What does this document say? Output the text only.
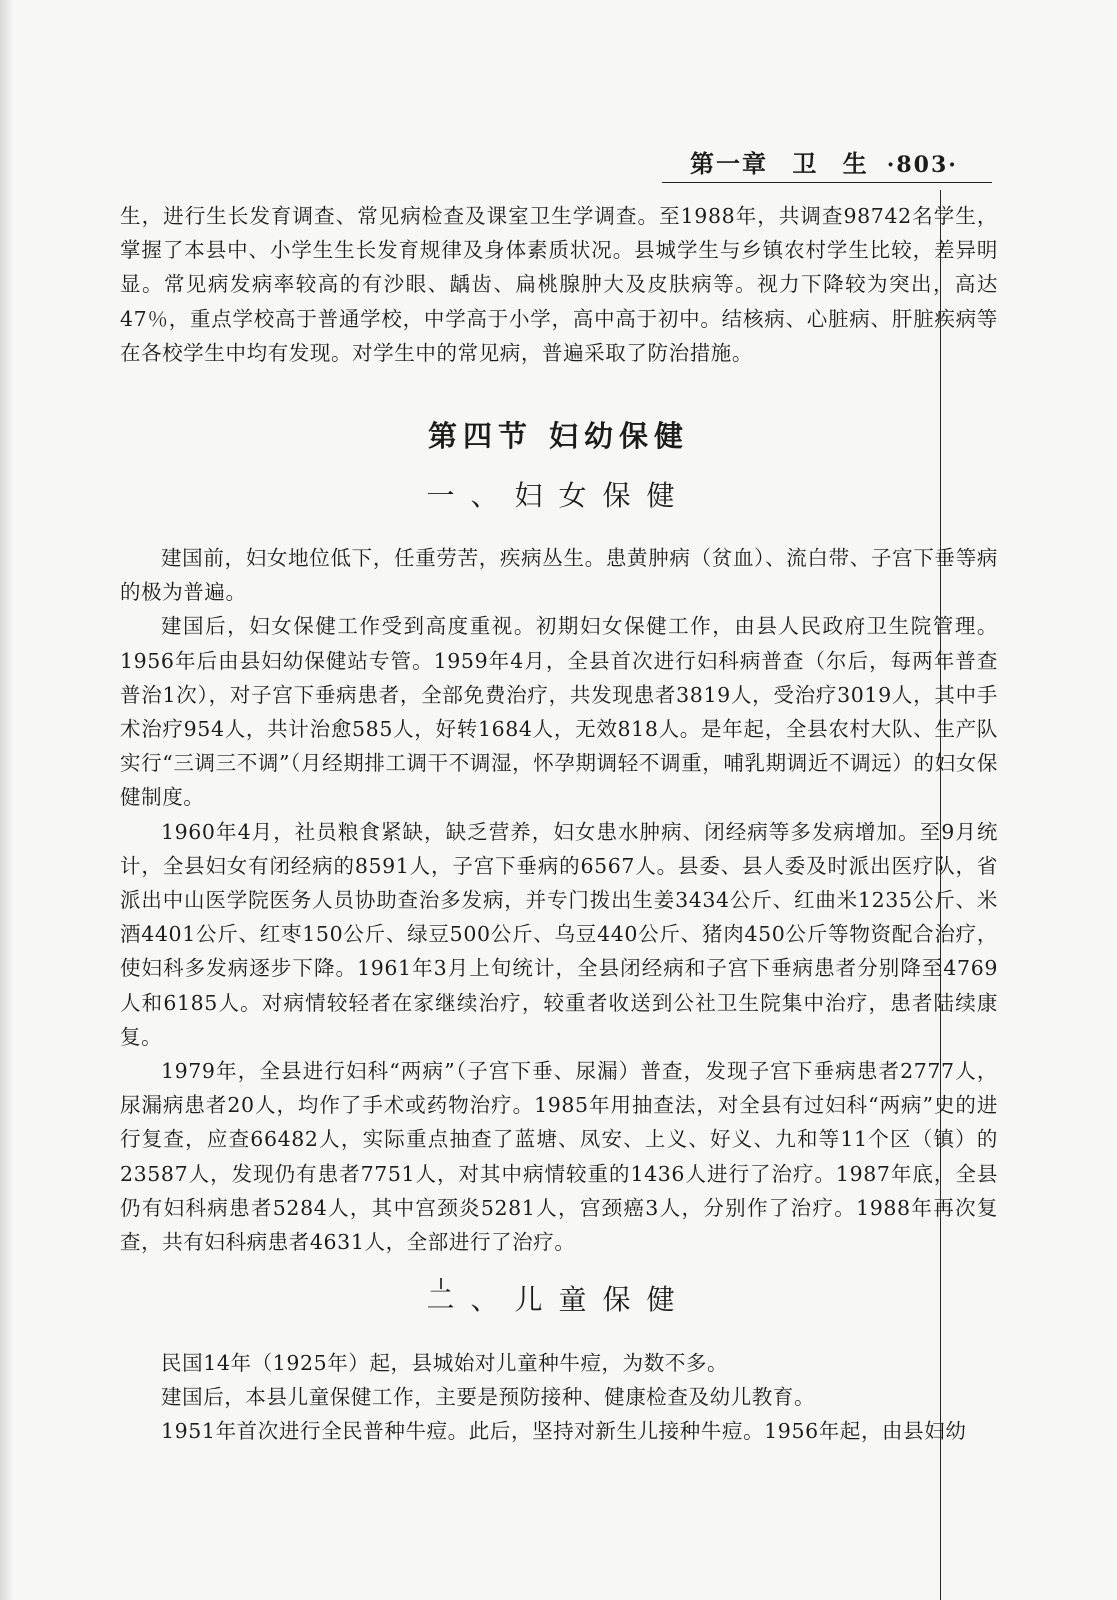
第一章 卫 生 ·803·

生，进行生长发育调查、常见病检查及课室卫生学调查。至1988年，共调查98742名学生，掌握了本县中、小学生生长发育规律及身体素质状况。县城学生与乡镇农村学生比较，差异明显。常见病发病率较高的有沙眼、龋齿、扁桃腺肿大及皮肤病等。视力下降较为突出，高达47％，重点学校高于普通学校，中学高于小学，高中高于初中。结核病、心脏病、肝脏疾病等在各校学生中均有发现。对学生中的常见病，普遍采取了防治措施。

第四节 妇幼保健
一、妇女保健

建国前，妇女地位低下，任重劳苦，疾病丛生。患黄肿病（贫血）、流白带、子宫下垂等病的极为普遍。

建国后，妇女保健工作受到高度重视。初期妇女保健工作，由县人民政府卫生院管理。1956年后由县妇幼保健站专管。1959年4月，全县首次进行妇科病普查（尔后，每两年普查普治1次），对子宫下垂病患者，全部免费治疗，共发现患者3819人，受治疗3019人，其中手术治疗954人，共计治愈585人，好转1684人，无效818人。是年起，全县农村大队、生产队实行“三调三不调”（月经期排工调干不调湿，怀孕期调轻不调重，哺乳期调近不调远）的妇女保健制度。

1960年4月，社员粮食紧缺，缺乏营养，妇女患水肿病、闭经病等多发病增加。至9月统计，全县妇女有闭经病的8591人，子宫下垂病的6567人。县委、县人委及时派出医疗队，省派出中山医学院医务人员协助查治多发病，并专门拨出生姜3434公斤、红曲米1235公斤、米酒4401公斤、红枣150公斤、绿豆500公斤、乌豆440公斤、猪肉450公斤等物资配合治疗，使妇科多发病逐步下降。1961年3月上旬统计，全县闭经病和子宫下垂病患者分别降至4769人和6185人。对病情较轻者在家继续治疗，较重者收送到公社卫生院集中治疗，患者陆续康复。

1979年，全县进行妇科“两病”（子宫下垂、尿漏）普查，发现子宫下垂病患者2777人，尿漏病患者20人，均作了手术或药物治疗。1985年用抽查法，对全县有过妇科“两病”史的进行复查，应查66482人，实际重点抽查了蓝塘、凤安、上义、好义、九和等11个区（镇）的23587人，发现仍有患者7751人，对其中病情较重的1436人进行了治疗。1987年底，全县仍有妇科病患者5284人，其中宫颈炎5281人，宫颈癌3人，分别作了治疗。1988年再次复查，共有妇科病患者4631人，全部进行了治疗。

二、儿童保健

民国14年（1925年）起，县城始对儿童种牛痘，为数不多。

建国后，本县儿童保健工作，主要是预防接种、健康检查及幼儿教育。

1951年首次进行全民普种牛痘。此后，坚持对新生儿接种牛痘。1956年起，由县妇幼
